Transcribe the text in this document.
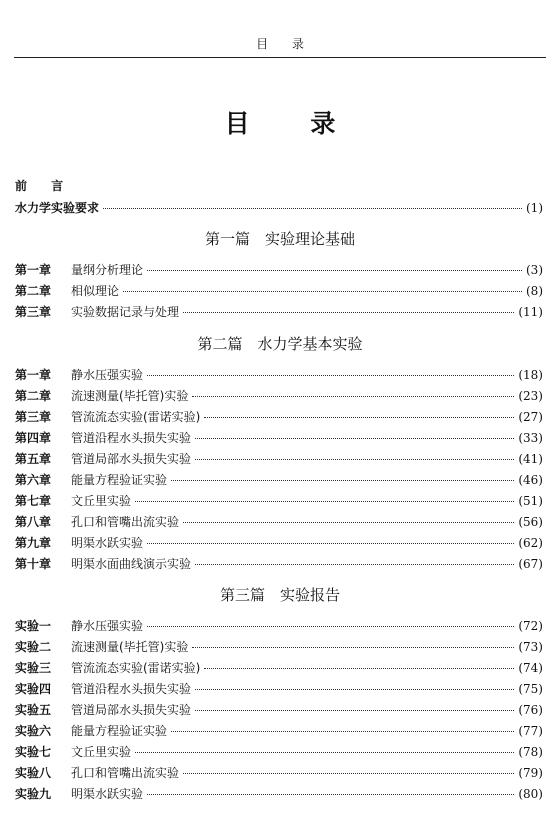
目 录
目 录
前 言
水力学实验要求	(1)
第一篇　实验理论基础
第一章	量纲分析理论	(3)
第二章	相似理论	(8)
第三章	实验数据记录与处理	(11)
第二篇　水力学基本实验
第一章	静水压强实验	(18)
第二章	流速测量(毕托管)实验	(23)
第三章	管流流态实验(雷诺实验)	(27)
第四章	管道沿程水头损失实验	(33)
第五章	管道局部水头损失实验	(41)
第六章	能量方程验证实验	(46)
第七章	文丘里实验	(51)
第八章	孔口和管嘴出流实验	(56)
第九章	明渠水跃实验	(62)
第十章	明渠水面曲线演示实验	(67)
第三篇　实验报告
实验一	静水压强实验	(72)
实验二	流速测量(毕托管)实验	(73)
实验三	管流流态实验(雷诺实验)	(74)
实验四	管道沿程水头损失实验	(75)
实验五	管道局部水头损失实验	(76)
实验六	能量方程验证实验	(77)
实验七	文丘里实验	(78)
实验八	孔口和管嘴出流实验	(79)
实验九	明渠水跃实验	(80)
